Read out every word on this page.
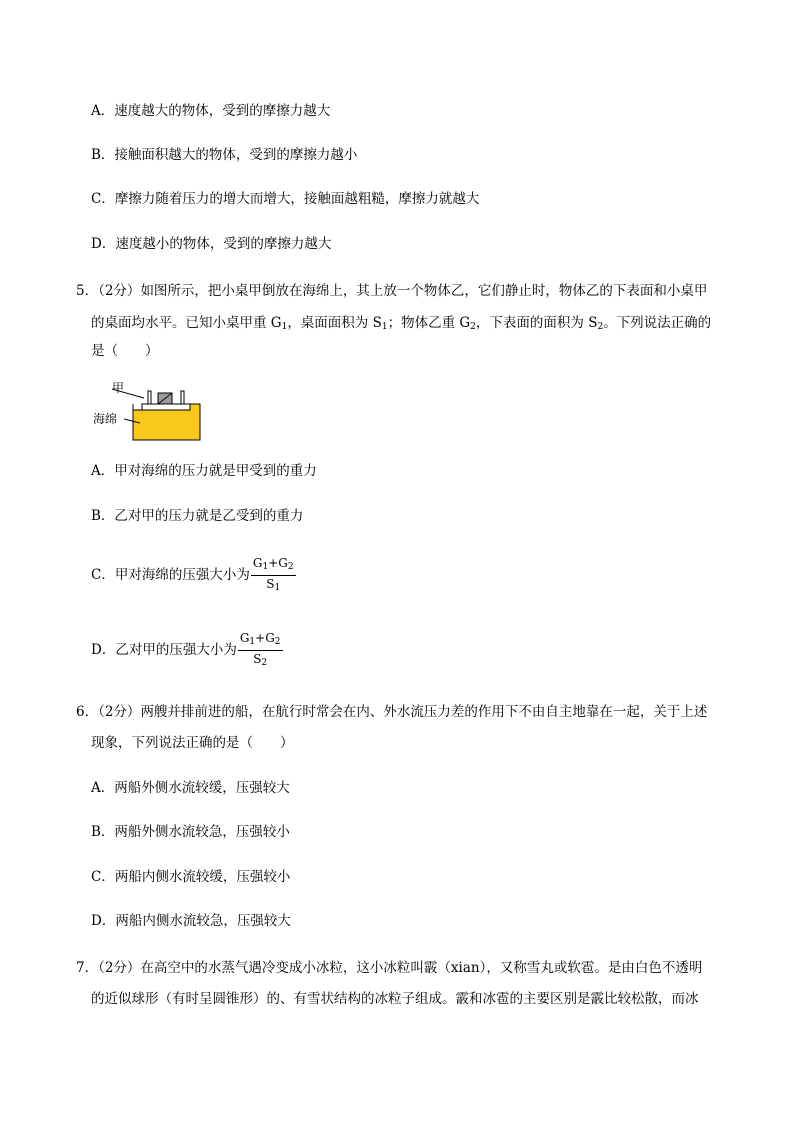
A．速度越大的物体，受到的摩擦力越大
B．接触面积越大的物体，受到的摩擦力越小
C．摩擦力随着压力的增大而增大，接触面越粗糙，摩擦力就越大
D．速度越小的物体，受到的摩擦力越大
5．（2分）如图所示，把小桌甲倒放在海绵上，其上放一个物体乙，它们静止时，物体乙的下表面和小桌甲
的桌面均水平。已知小桌甲重 $G_1$，桌面面积为 $S_1$；物体乙重 $G_2$，下表面的面积为 $S_2$。下列说法正确的
是（　　）
甲
海绵
A．甲对海绵的压力就是甲受到的重力
B．乙对甲的压力就是乙受到的重力
C．甲对海绵的压强大小为 $\frac{G_1+G_2}{S_1}$
D．乙对甲的压强大小为 $\frac{G_1+G_2}{S_2}$
6．（2分）两艘并排前进的船，在航行时常会在内、外水流压力差的作用下不由自主地靠在一起，关于上述
现象，下列说法正确的是（　　）
A．两船外侧水流较缓，压强较大
B．两船外侧水流较急，压强较小
C．两船内侧水流较缓，压强较小
D．两船内侧水流较急，压强较大
7．（2分）在高空中的水蒸气遇冷变成小冰粒，这小冰粒叫霰（xian），又称雪丸或软雹。是由白色不透明
的近似球形（有时呈圆锥形）的、有雪状结构的冰粒子组成。霰和冰雹的主要区别是霰比较松散，而冰
